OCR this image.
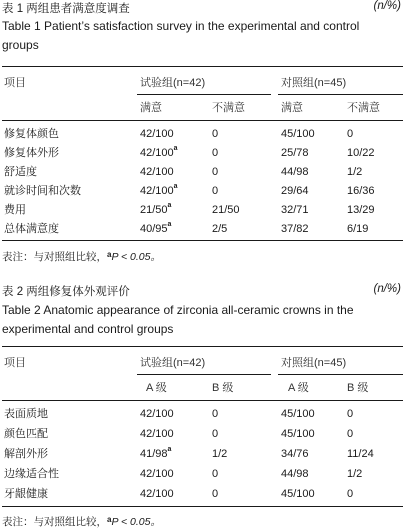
表 1 两组患者满意度调查	(n/%)
Table 1 Patient’s satisfaction survey in the experimental and control groups
项目	试验组(n=42)	对照组(n=45)
满意	不满意	满意	不满意
修复体颜色	42/100	0	45/100	0
修复体外形	42/100$^a$	0	25/78	10/22
舒适度	42/100	0	44/98	1/2
就诊时间和次数	42/100$^a$	0	29/64	16/36
费用	21/50$^a$	21/50	32/71	13/29
总体满意度	40/95$^a$	2/5	37/82	6/19
表注：与对照组比较，$^a$P < 0.05。
表 2 两组修复体外观评价	(n/%)
Table 2 Anatomic appearance of zirconia all-ceramic crowns in the experimental and control groups
项目	试验组(n=42)	对照组(n=45)
A 级	B 级	A 级	B 级
表面质地	42/100	0	45/100	0
颜色匹配	42/100	0	45/100	0
解剖外形	41/98$^a$	1/2	34/76	11/24
边缘适合性	42/100	0	44/98	1/2
牙龈健康	42/100	0	45/100	0
表注：与对照组比较，$^a$P < 0.05。
